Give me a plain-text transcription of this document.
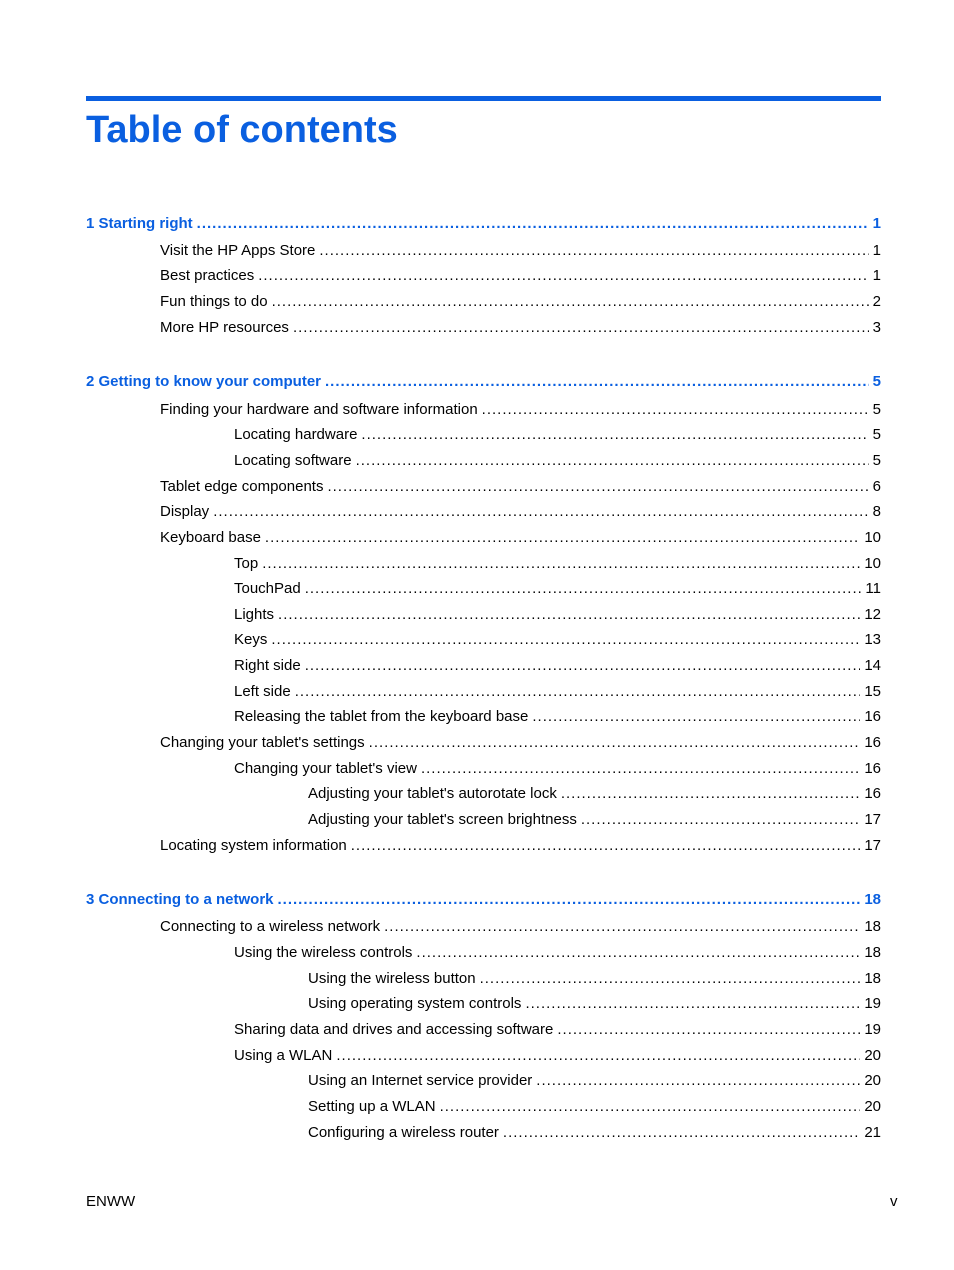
Table of contents
1 Starting right .....	1
Visit the HP Apps Store .....	1
Best practices .....	1
Fun things to do .....	2
More HP resources .....	3
2 Getting to know your computer .....	5
Finding your hardware and software information .....	5
Locating hardware .....	5
Locating software .....	5
Tablet edge components .....	6
Display .....	8
Keyboard base .....	10
Top .....	10
TouchPad .....	11
Lights .....	12
Keys .....	13
Right side .....	14
Left side .....	15
Releasing the tablet from the keyboard base .....	16
Changing your tablet's settings .....	16
Changing your tablet's view .....	16
Adjusting your tablet's autorotate lock .....	16
Adjusting your tablet's screen brightness .....	17
Locating system information .....	17
3 Connecting to a network .....	18
Connecting to a wireless network .....	18
Using the wireless controls .....	18
Using the wireless button .....	18
Using operating system controls .....	19
Sharing data and drives and accessing software .....	19
Using a WLAN .....	20
Using an Internet service provider .....	20
Setting up a WLAN .....	20
Configuring a wireless router .....	21
ENWW	v
